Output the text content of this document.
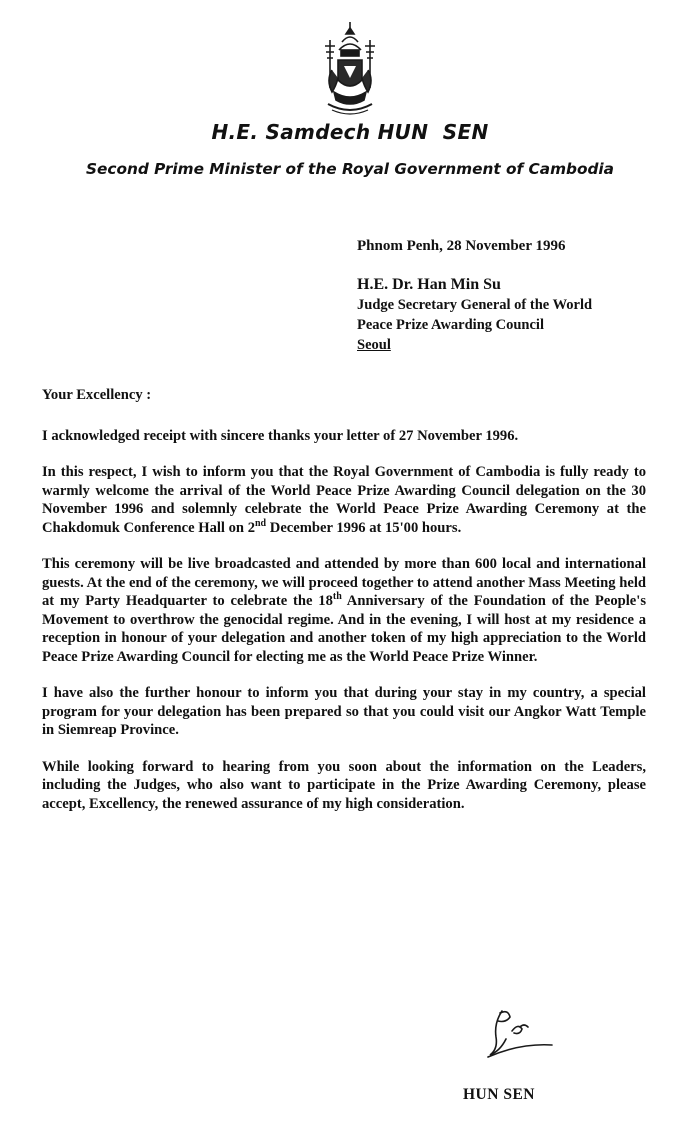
H.E. Samdech HUN  SEN
Second Prime Minister of the Royal Government of Cambodia
Phnom Penh, 28 November 1996
H.E. Dr. Han Min Su
Judge Secretary General of the World
Peace Prize Awarding Council
Seoul

Your Excellency :

I acknowledged receipt with sincere thanks your letter of 27 November 1996.

In this respect, I wish to inform you that the Royal Government of Cambodia is fully ready to warmly welcome the arrival of the World Peace Prize Awarding Council delegation on the 30 November 1996 and solemnly celebrate the World Peace Prize Awarding Ceremony at the Chakdomuk Conference Hall on 2nd December 1996 at 15'00 hours.

This ceremony will be live broadcasted and attended by more than 600 local and international guests. At the end of the ceremony, we will proceed together to attend another Mass Meeting held at my Party Headquarter to celebrate the 18th Anniversary of the Foundation of the People's Movement to overthrow the genocidal regime. And in the evening, I will host at my residence a reception in honour of your delegation and another token of my high appreciation to the World Peace Prize Awarding Council for electing me as the World Peace Prize Winner.

I have also the further honour to inform you that during your stay in my country, a special program for your delegation has been prepared so that you could visit our Angkor Watt Temple in Siemreap Province.

While looking forward to hearing from you soon about the information on the Leaders, including the Judges, who also want to participate in the Prize Awarding Ceremony, please accept, Excellency, the renewed assurance of my high consideration.

HUN SEN
